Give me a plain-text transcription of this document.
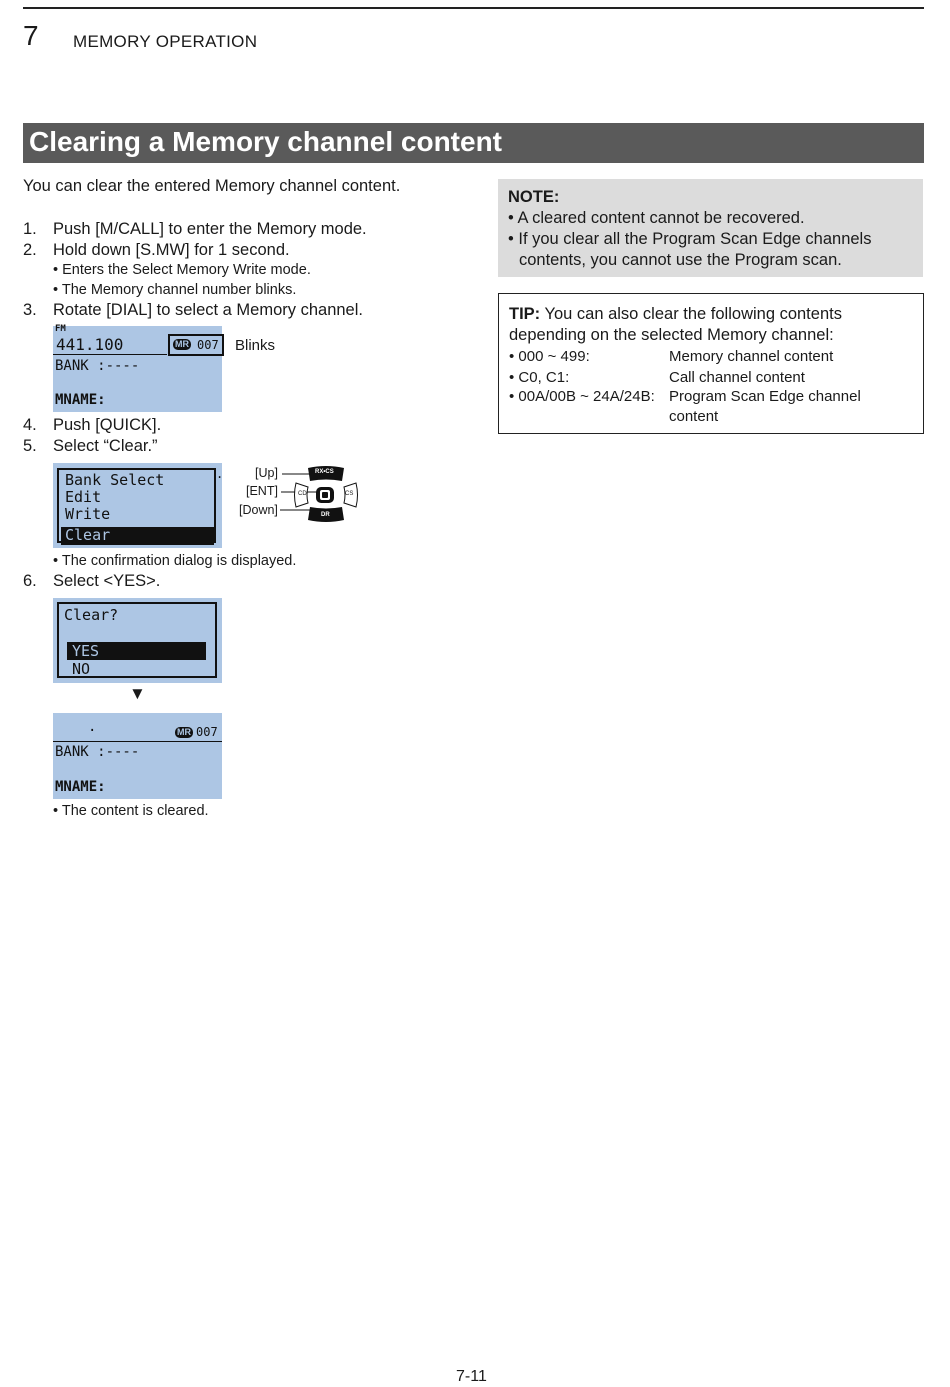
7 MEMORY OPERATION
Clearing a Memory channel content
You can clear the entered Memory channel content.
1. Push [M/CALL] to enter the Memory mode.
2. Hold down [S.MW] for 1 second.
• Enters the Select Memory Write mode.
• The Memory channel number blinks.
3. Rotate [DIAL] to select a Memory channel.
FM
441.100	MR 007
BANK :----
MNAME:
Blinks
4. Push [QUICK].
5. Select “Clear.”
Bank Select
Edit
Write
Clear
.	[Up]
[ENT]
[Down]
RX•CS
DR
CD	CS
• The confirmation dialog is displayed.
6. Select <YES>.
Clear?
YES
NO
▼
.	MR 007
BANK :----
MNAME:
• The content is cleared.
NOTE:
• A cleared content cannot be recovered.
• If you clear all the Program Scan Edge channels
contents, you cannot use the Program scan.
TIP: You can also clear the following contents
depending on the selected Memory channel:
• 000 ~ 499:	Memory channel content
• C0, C1:	Call channel content
• 00A/00B ~ 24A/24B: Program Scan Edge channel
content
7-11
